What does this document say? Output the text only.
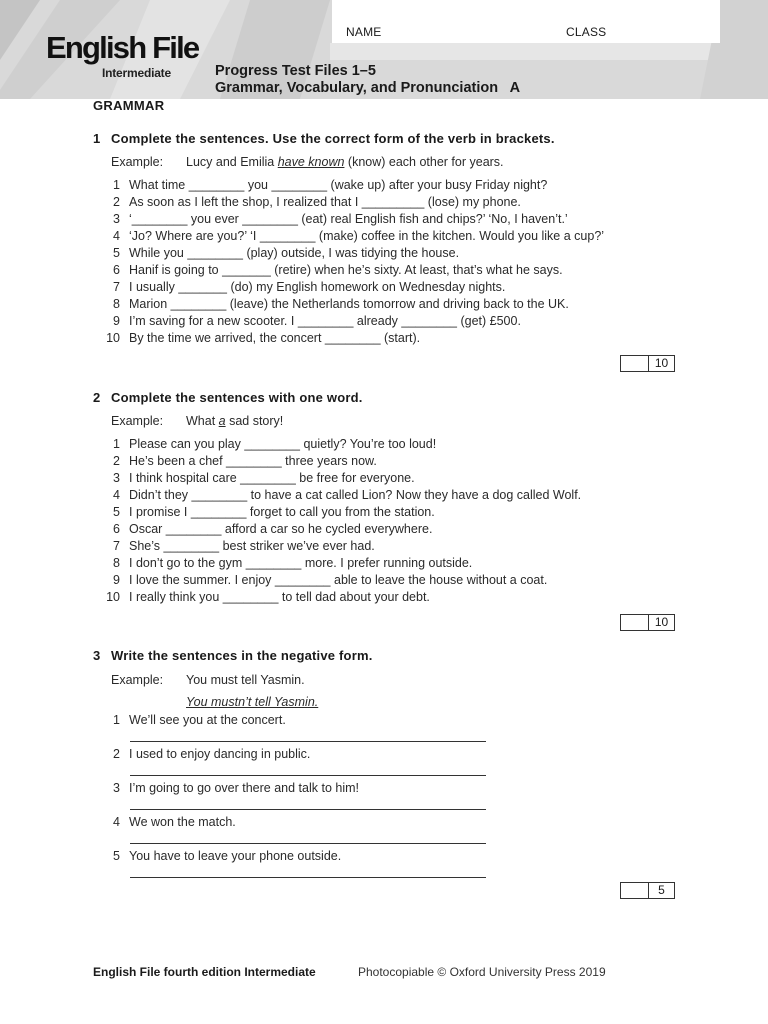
NAME	CLASS
English File
Intermediate	Progress Test Files 1–5
Grammar, Vocabulary, and Pronunciation   A
GRAMMAR
1 Complete the sentences. Use the correct form of the verb in brackets.
Example: Lucy and Emilia have known (know) each other for years.
1 What time ________ you ________ (wake up) after your busy Friday night?
2 As soon as I left the shop, I realized that I _________ (lose) my phone.
3 ‘________ you ever ________ (eat) real English fish and chips?’ ‘No, I haven’t.’
4 ‘Jo? Where are you?’ ‘I ________ (make) coffee in the kitchen. Would you like a cup?’
5 While you ________ (play) outside, I was tidying the house.
6 Hanif is going to _______ (retire) when he’s sixty. At least, that’s what he says.
7 I usually _______ (do) my English homework on Wednesday nights.
8 Marion ________ (leave) the Netherlands tomorrow and driving back to the UK.
9 I’m saving for a new scooter. I ________ already ________ (get) £500.
10 By the time we arrived, the concert ________ (start).
10
2 Complete the sentences with one word.
Example: What a sad story!
1 Please can you play ________ quietly? You’re too loud!
2 He’s been a chef ________ three years now.
3 I think hospital care ________ be free for everyone.
4 Didn’t they ________ to have a cat called Lion? Now they have a dog called Wolf.
5 I promise I ________ forget to call you from the station.
6 Oscar ________ afford a car so he cycled everywhere.
7 She’s ________ best striker we’ve ever had.
8 I don’t go to the gym ________ more. I prefer running outside.
9 I love the summer. I enjoy ________ able to leave the house without a coat.
10 I really think you ________ to tell dad about your debt.
10
3 Write the sentences in the negative form.
Example: You must tell Yasmin.
You mustn’t tell Yasmin.
1 We’ll see you at the concert.
2 I used to enjoy dancing in public.
3 I’m going to go over there and talk to him!
4 We won the match.
5 You have to leave your phone outside.
5
English File fourth edition Intermediate	Photocopiable © Oxford University Press 2019
